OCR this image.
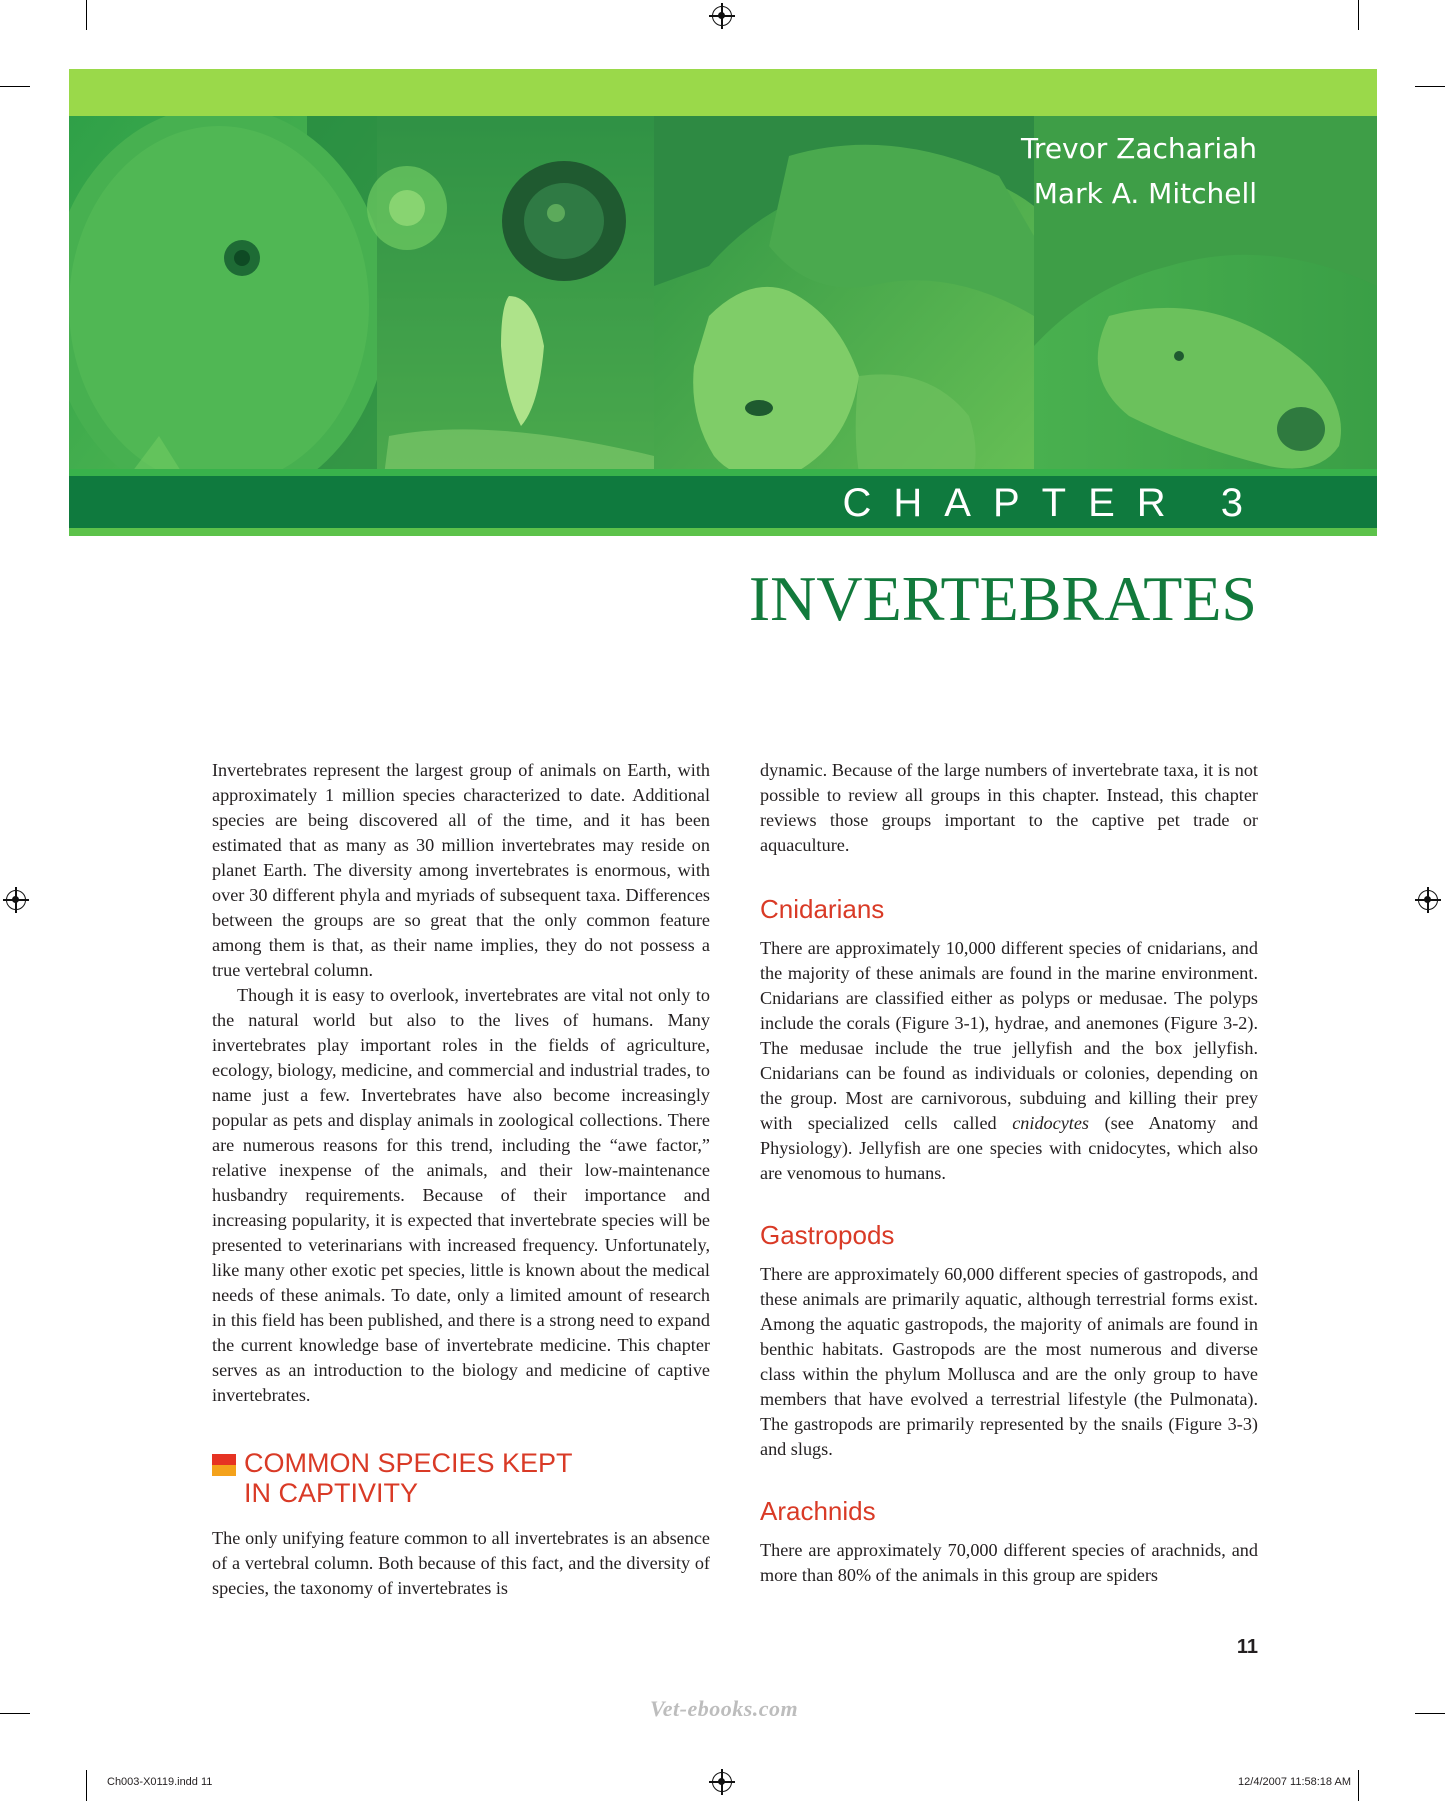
Trevor Zachariah
Mark A. Mitchell
CHAPTER 3
INVERTEBRATES

Invertebrates represent the largest group of animals on Earth, with approximately 1 million species characterized to date. Additional species are being discovered all of the time, and it has been estimated that as many as 30 million invertebrates may reside on planet Earth. The diversity among invertebrates is enormous, with over 30 different phyla and myriads of subsequent taxa. Differences between the groups are so great that the only common feature among them is that, as their name implies, they do not possess a true vertebral column.

Though it is easy to overlook, invertebrates are vital not only to the natural world but also to the lives of humans. Many invertebrates play important roles in the fields of agriculture, ecology, biology, medicine, and commercial and industrial trades, to name just a few. Invertebrates have also become increasingly popular as pets and display animals in zoological collections. There are numerous reasons for this trend, including the “awe factor,” relative inexpense of the animals, and their low-maintenance husbandry requirements. Because of their importance and increasing popularity, it is expected that invertebrate species will be presented to veterinarians with increased frequency. Unfortunately, like many other exotic pet species, little is known about the medical needs of these animals. To date, only a limited amount of research in this field has been published, and there is a strong need to expand the current knowledge base of invertebrate medicine. This chapter serves as an introduction to the biology and medicine of captive invertebrates.

COMMON SPECIES KEPT
IN CAPTIVITY

The only unifying feature common to all invertebrates is an absence of a vertebral column. Both because of this fact, and the diversity of species, the taxonomy of invertebrates is

dynamic. Because of the large numbers of invertebrate taxa, it is not possible to review all groups in this chapter. Instead, this chapter reviews those groups important to the captive pet trade or aquaculture.

Cnidarians

There are approximately 10,000 different species of cnidarians, and the majority of these animals are found in the marine environment. Cnidarians are classified either as polyps or medusae. The polyps include the corals (Figure 3-1), hydrae, and anemones (Figure 3-2). The medusae include the true jellyfish and the box jellyfish. Cnidarians can be found as individuals or colonies, depending on the group. Most are carnivorous, subduing and killing their prey with specialized cells called cnidocytes (see Anatomy and Physiology). Jellyfish are one species with cnidocytes, which also are venomous to humans.

Gastropods

There are approximately 60,000 different species of gastropods, and these animals are primarily aquatic, although terrestrial forms exist. Among the aquatic gastropods, the majority of animals are found in benthic habitats. Gastropods are the most numerous and diverse class within the phylum Mollusca and are the only group to have members that have evolved a terrestrial lifestyle (the Pulmonata). The gastropods are primarily represented by the snails (Figure 3-3) and slugs.

Arachnids

There are approximately 70,000 different species of arachnids, and more than 80% of the animals in this group are spiders

11
Vet-ebooks.com
Ch003-X0119.indd 11	12/4/2007 11:58:18 AM
